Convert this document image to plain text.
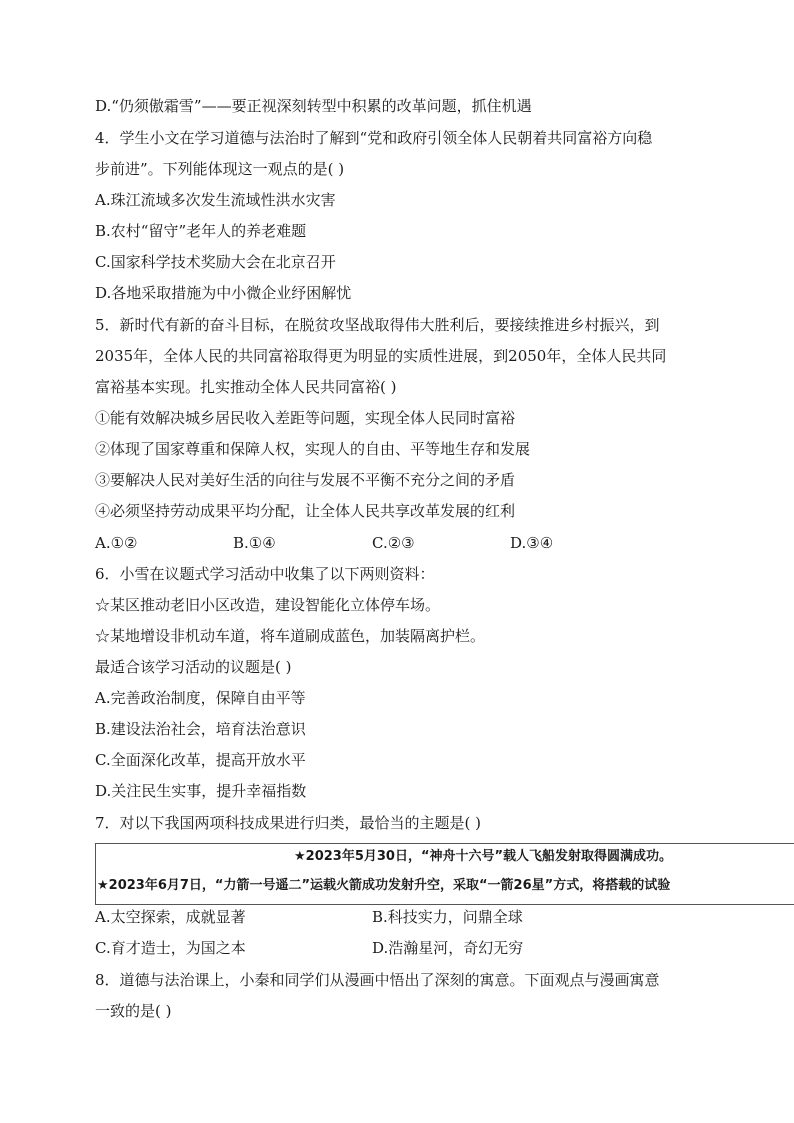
D.“仍须傲霜雪”——要正视深刻转型中积累的改革问题，抓住机遇
4．学生小文在学习道德与法治时了解到“党和政府引领全体人民朝着共同富裕方向稳
步前进”。下列能体现这一观点的是( )
A.珠江流域多次发生流域性洪水灾害
B.农村“留守”老年人的养老难题
C.国家科学技术奖励大会在北京召开
D.各地采取措施为中小微企业纾困解忧
5．新时代有新的奋斗目标，在脱贫攻坚战取得伟大胜利后，要接续推进乡村振兴，到
2035年，全体人民的共同富裕取得更为明显的实质性进展，到2050年，全体人民共同
富裕基本实现。扎实推动全体人民共同富裕( )
①能有效解决城乡居民收入差距等问题，实现全体人民同时富裕
②体现了国家尊重和保障人权，实现人的自由、平等地生存和发展
③要解决人民对美好生活的向往与发展不平衡不充分之间的矛盾
④必须坚持劳动成果平均分配，让全体人民共享改革发展的红利
A.①②	B.①④	C.②③	D.③④
6．小雪在议题式学习活动中收集了以下两则资料：
☆某区推动老旧小区改造，建设智能化立体停车场。
☆某地增设非机动车道，将车道刷成蓝色，加装隔离护栏。
最适合该学习活动的议题是( )
A.完善政治制度，保障自由平等
B.建设法治社会，培育法治意识
C.全面深化改革，提高开放水平
D.关注民生实事，提升幸福指数
7．对以下我国两项科技成果进行归类，最恰当的主题是( )
★2023年5月30日，“神舟十六号”载人飞船发射取得圆满成功。
★2023年6月7日，“力箭一号遥二”运载火箭成功发射升空，采取“一箭26星”方式，将搭载的试验
A.太空探索，成就显著	B.科技实力，问鼎全球
C.育才造士，为国之本	D.浩瀚星河，奇幻无穷
8．道德与法治课上，小秦和同学们从漫画中悟出了深刻的寓意。下面观点与漫画寓意
一致的是( )
